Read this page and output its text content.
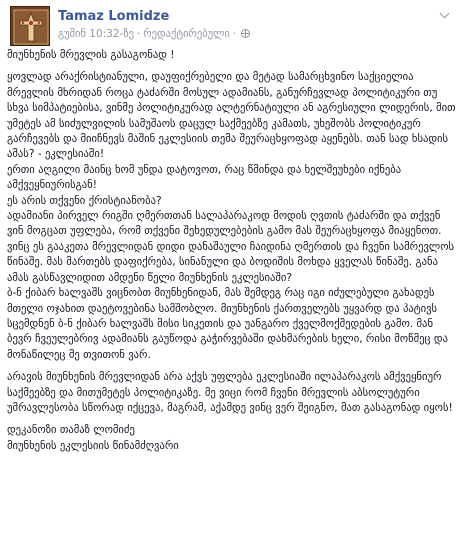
Tamaz Lomidze
გუშინ 10:32-ზე · რედაქტირებული ·

მიუნხენის მრევლის გასაგონად !

ყოვლად არაქრისტიანული, დაუფიქრებელი და მეტად სამარცხვინო საქციელია მრევლის მხრიდან როცა ტაძარში მოსულ ადამიანს, განურჩევლად პოლიტიკური თუ სხვა სიმპატიებისა, ვინმე პოლიტიკურად ალტერნატიული ან აგრესიული ლიდერის, მით უმეტეს ამ სიძულვილის სამუშაოს დაცულ საქმეებზე კამათს, უხეშობს პოლიტიკურ გარჩევებს და მიიჩნევს მაშინ ეკლესიის თემა შეურაცხყოფად აყენებს. თან სად ხსადის ამას? - ეკლესიაში!

ერთი აღგილი მაინც ხომ უნდა დატოვოთ, რაც წმინდა და ხელშეუხები იქნება ამქვეყნიურისგან!

ეს არის თქვენი ქრისტიანობა?

ადამიანი პირველ რიგში ღმერთთან სალაპარაკოდ მოდის ღვთის ტაძარში და თქვენ ვინ მოგცათ უფლება, რომ თქვენი შეხედულებების გამო მას შეურაცხყოფა მიაყენოთ. ვინც ეს გააკეთა მრევლიდან დიდი დანაშაული ჩაიდინა ღმერთის და ჩვენი სამრევლოს წინაშე. მას მართებს დაფიქრება, სინანული და ბოდიშის მოხდა ყველას წინაშე. განა ამას გასწავლიდით ამდენი წელი მიუნხენის ეკლესიაში?

ბ-ნ ქიბარ ხალვაშს ვიცნობთ მიუნხენიდან, მას შემდეგ რაც იგი იძულებული გახადეს მთელი ოჯახით დაეტოვებინა სამშობლო. მიუნხენის ქართველებს უყვარდ და პატივს სცემდნენ ბ-ნ ქიბარ ხალვაშს მისი სიკეთის და უანგარო ქველმოქმედების გამო. მან ბევრ ჩვეულებრივ ადამიანს გაუწოდა გაჭირვებაში დახმარების ხელი, რისი მოწმეც და მონაწილეც მე თვითონ ვარ.

არავის მიუნხენის მრევლიდან არა აქვს უფლება ეკლესიაში ილაპარაკოს ამქვეყნიურ საქმეებზე და მითუმეტეს პოლიტიკაზე. მე ვიცი რომ ჩვენი მრევლის აბსოლუტური უმრავლესობა სწორად იქცევა, მაგრამ, აქამდე ვინც ვერ შეიგნო, მათ გასაგონად იყოს!

დეკანოზი თამაზ ლომიძე
მიუნხენის ეკლესიის წინამძღვარი
